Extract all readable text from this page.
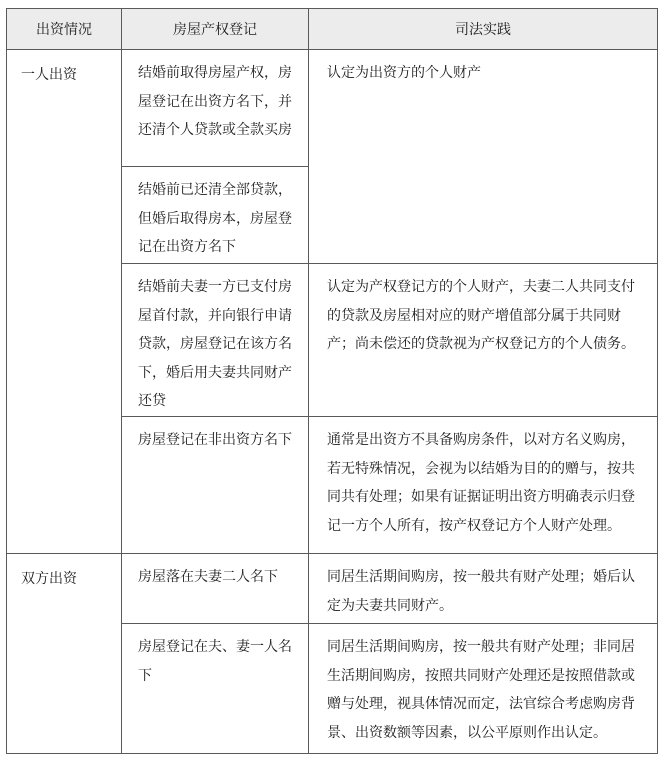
出资情况	房屋产权登记	司法实践
一人出资	结婚前取得房屋产权，房屋登记在出资方名下，并还清个人贷款或全款买房	认定为出资方的个人财产
	结婚前已还清全部贷款，但婚后取得房本，房屋登记在出资方名下	
	结婚前夫妻一方已支付房屋首付款，并向银行申请贷款，房屋登记在该方名下，婚后用夫妻共同财产还贷	认定为产权登记方的个人财产，夫妻二人共同支付的贷款及房屋相对应的财产增值部分属于共同财产；尚未偿还的贷款视为产权登记方的个人债务。
	房屋登记在非出资方名下	通常是出资方不具备购房条件，以对方名义购房，若无特殊情况，会视为以结婚为目的的赠与，按共同共有处理；如果有证据证明出资方明确表示归登记一方个人所有，按产权登记方个人财产处理。
双方出资	房屋落在夫妻二人名下	同居生活期间购房，按一般共有财产处理；婚后认定为夫妻共同财产。
	房屋登记在夫、妻一人名下	同居生活期间购房，按一般共有财产处理；非同居生活期间购房，按照共同财产处理还是按照借款或赠与处理，视具体情况而定，法官综合考虑购房背景、出资数额等因素，以公平原则作出认定。
